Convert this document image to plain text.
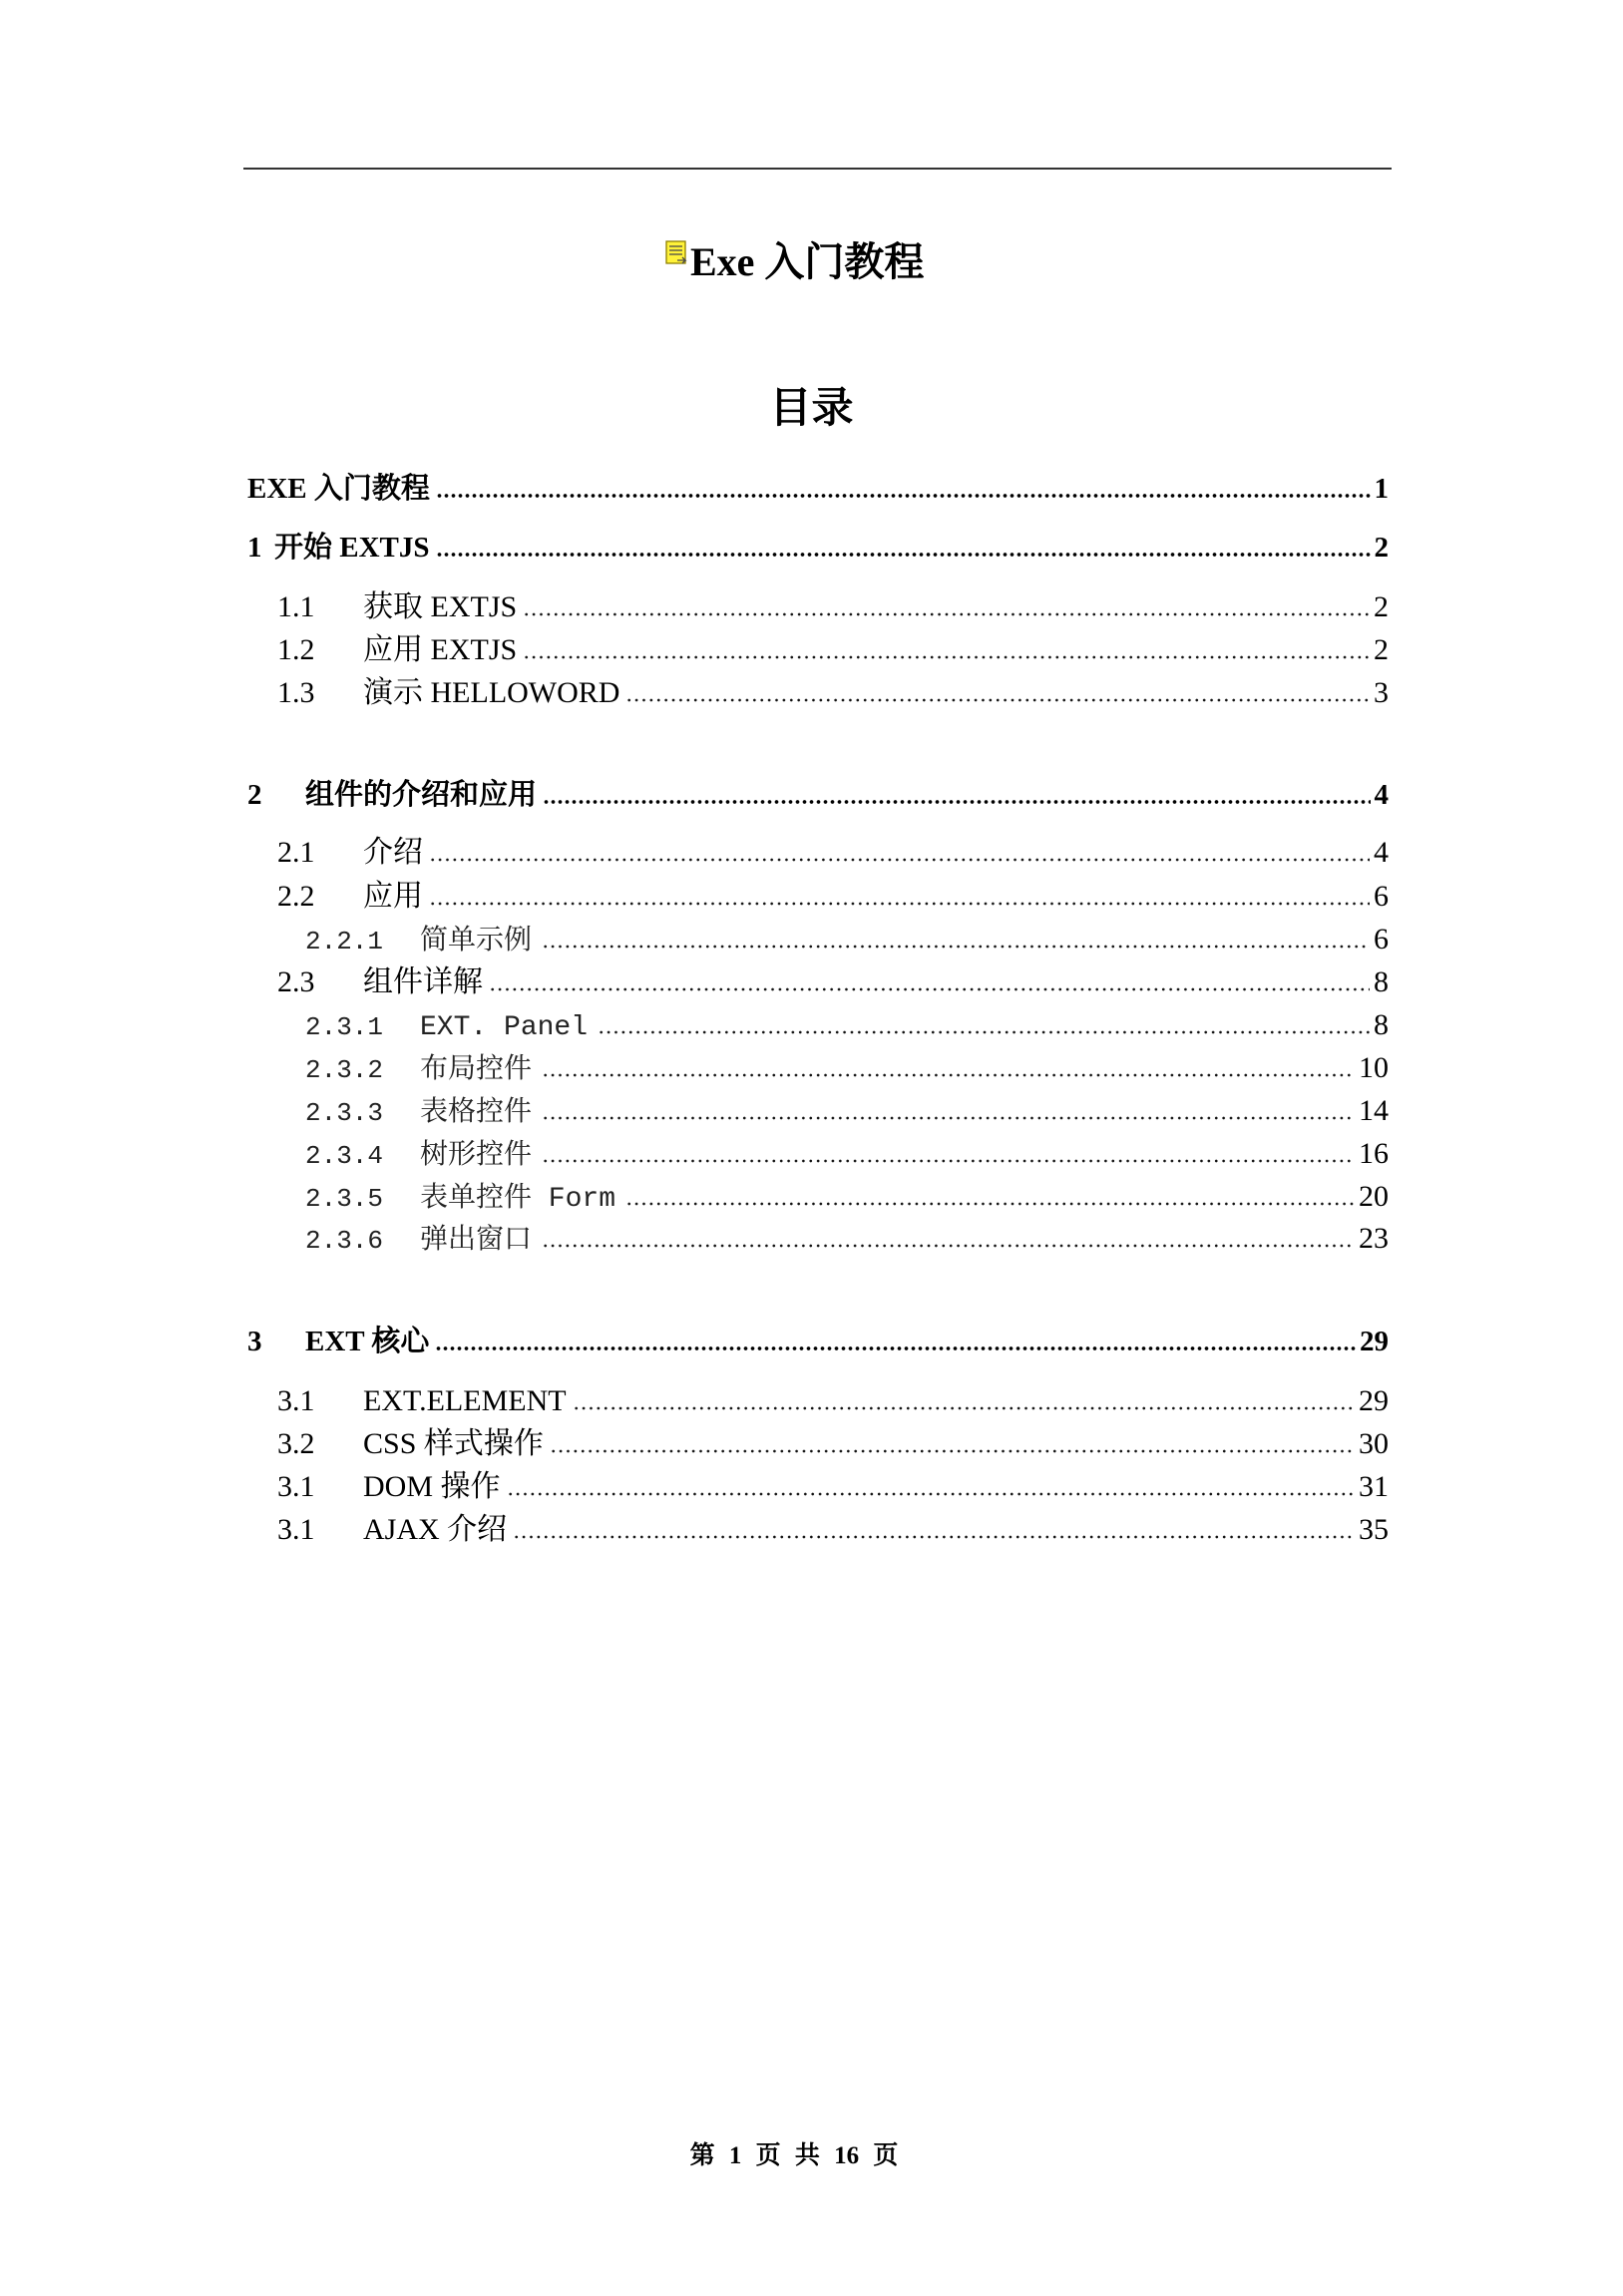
Exe 入门教程
目录
EXE 入门教程	1
1 开始 EXTJS	2
1.1	获取 EXTJS	2
1.2	应用 EXTJS	2
1.3	演示 HELLOWORD	3
2	组件的介绍和应用	4
2.1	介绍	4
2.2	应用	6
2.2.1	简单示例	6
2.3	组件详解	8
2.3.1	EXT. Panel	8
2.3.2	布局控件	10
2.3.3	表格控件	14
2.3.4	树形控件	16
2.3.5	表单控件 Form	20
2.3.6	弹出窗口	23
3	EXT 核心	29
3.1	EXT.ELEMENT	29
3.2	CSS 样式操作	30
3.1	DOM 操作	31
3.1	AJAX 介绍	35
第 1 页 共 16 页
